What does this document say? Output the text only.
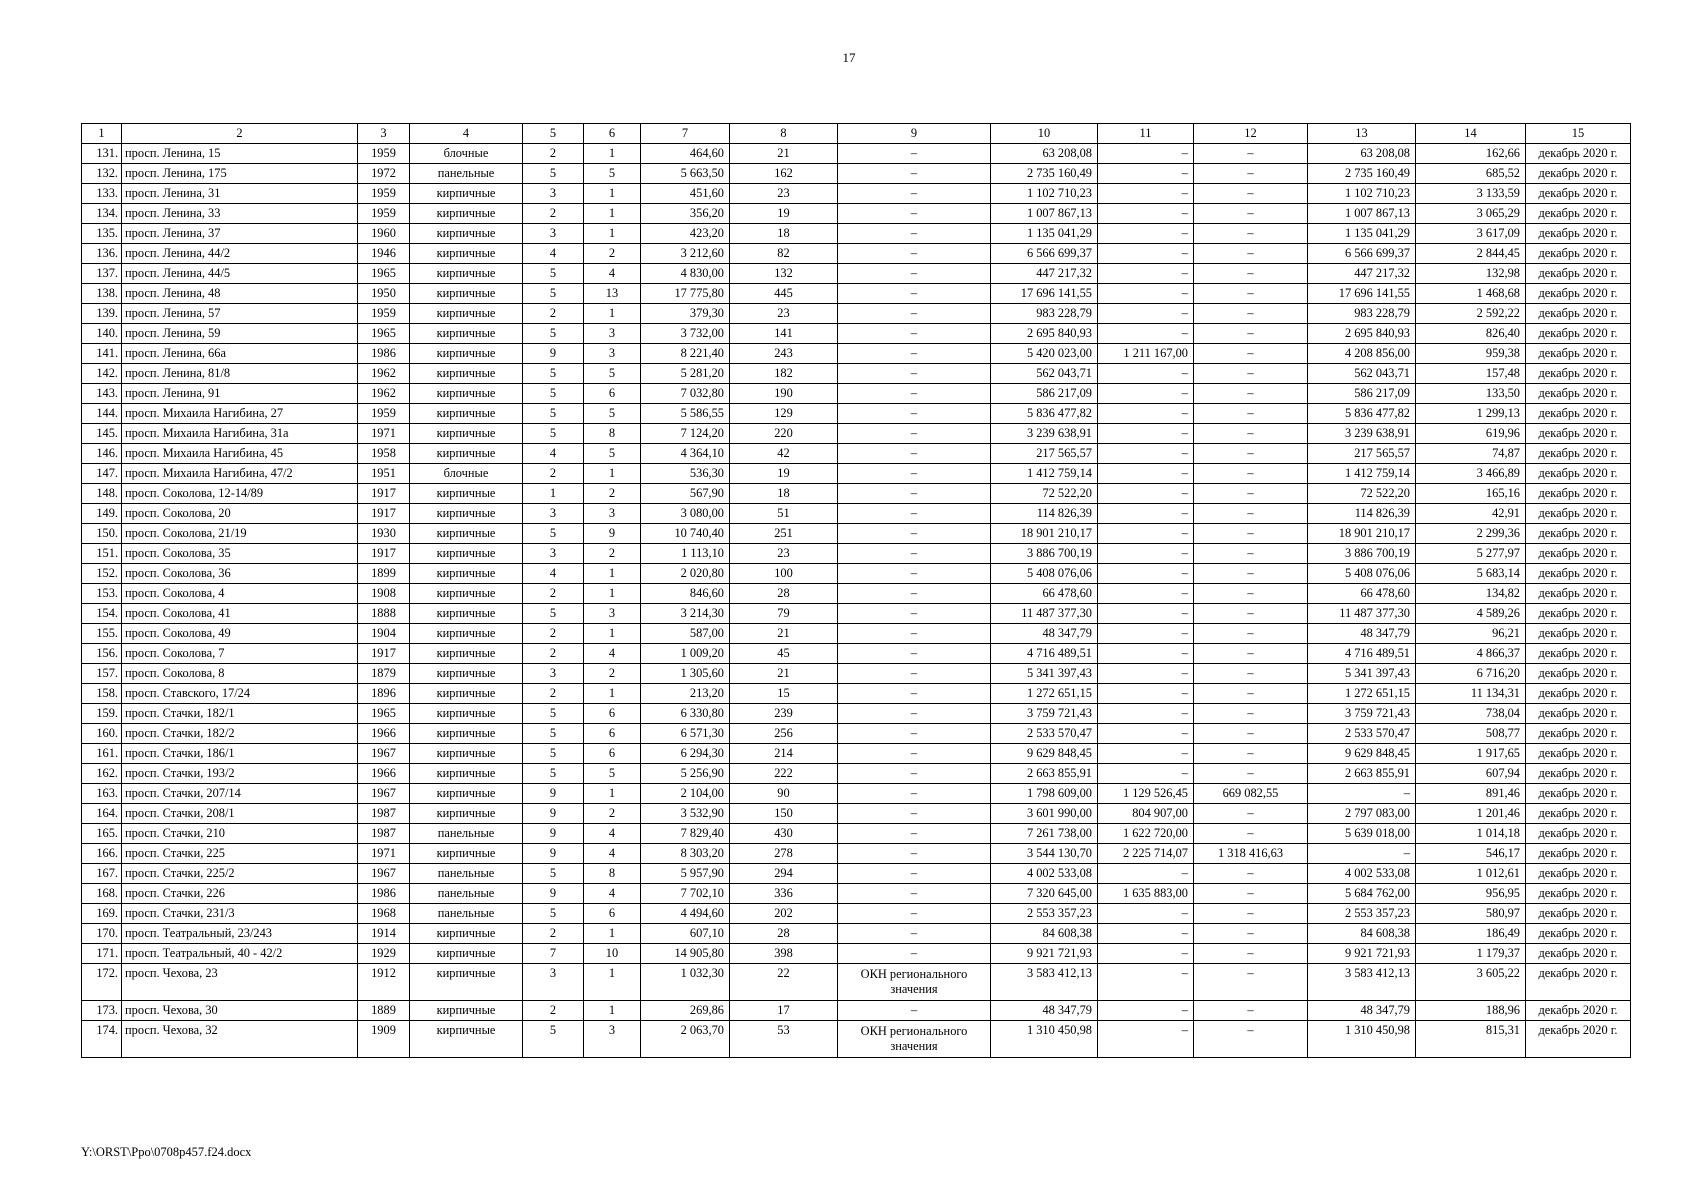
17
1	2	3	4	5	6	7	8	9	10	11	12	13	14	15
131.	просп. Ленина, 15	1959	блочные	2	1	464,60	21	–	63 208,08	–	–	63 208,08	162,66	декабрь 2020 г.
132.	просп. Ленина, 175	1972	панельные	5	5	5 663,50	162	–	2 735 160,49	–	–	2 735 160,49	685,52	декабрь 2020 г.
133.	просп. Ленина, 31	1959	кирпичные	3	1	451,60	23	–	1 102 710,23	–	–	1 102 710,23	3 133,59	декабрь 2020 г.
134.	просп. Ленина, 33	1959	кирпичные	2	1	356,20	19	–	1 007 867,13	–	–	1 007 867,13	3 065,29	декабрь 2020 г.
135.	просп. Ленина, 37	1960	кирпичные	3	1	423,20	18	–	1 135 041,29	–	–	1 135 041,29	3 617,09	декабрь 2020 г.
136.	просп. Ленина, 44/2	1946	кирпичные	4	2	3 212,60	82	–	6 566 699,37	–	–	6 566 699,37	2 844,45	декабрь 2020 г.
137.	просп. Ленина, 44/5	1965	кирпичные	5	4	4 830,00	132	–	447 217,32	–	–	447 217,32	132,98	декабрь 2020 г.
138.	просп. Ленина, 48	1950	кирпичные	5	13	17 775,80	445	–	17 696 141,55	–	–	17 696 141,55	1 468,68	декабрь 2020 г.
139.	просп. Ленина, 57	1959	кирпичные	2	1	379,30	23	–	983 228,79	–	–	983 228,79	2 592,22	декабрь 2020 г.
140.	просп. Ленина, 59	1965	кирпичные	5	3	3 732,00	141	–	2 695 840,93	–	–	2 695 840,93	826,40	декабрь 2020 г.
141.	просп. Ленина, 66а	1986	кирпичные	9	3	8 221,40	243	–	5 420 023,00	1 211 167,00	–	4 208 856,00	959,38	декабрь 2020 г.
142.	просп. Ленина, 81/8	1962	кирпичные	5	5	5 281,20	182	–	562 043,71	–	–	562 043,71	157,48	декабрь 2020 г.
143.	просп. Ленина, 91	1962	кирпичные	5	6	7 032,80	190	–	586 217,09	–	–	586 217,09	133,50	декабрь 2020 г.
144.	просп. Михаила Нагибина, 27	1959	кирпичные	5	5	5 586,55	129	–	5 836 477,82	–	–	5 836 477,82	1 299,13	декабрь 2020 г.
145.	просп. Михаила Нагибина, 31а	1971	кирпичные	5	8	7 124,20	220	–	3 239 638,91	–	–	3 239 638,91	619,96	декабрь 2020 г.
146.	просп. Михаила Нагибина, 45	1958	кирпичные	4	5	4 364,10	42	–	217 565,57	–	–	217 565,57	74,87	декабрь 2020 г.
147.	просп. Михаила Нагибина, 47/2	1951	блочные	2	1	536,30	19	–	1 412 759,14	–	–	1 412 759,14	3 466,89	декабрь 2020 г.
148.	просп. Соколова, 12-14/89	1917	кирпичные	1	2	567,90	18	–	72 522,20	–	–	72 522,20	165,16	декабрь 2020 г.
149.	просп. Соколова, 20	1917	кирпичные	3	3	3 080,00	51	–	114 826,39	–	–	114 826,39	42,91	декабрь 2020 г.
150.	просп. Соколова, 21/19	1930	кирпичные	5	9	10 740,40	251	–	18 901 210,17	–	–	18 901 210,17	2 299,36	декабрь 2020 г.
151.	просп. Соколова, 35	1917	кирпичные	3	2	1 113,10	23	–	3 886 700,19	–	–	3 886 700,19	5 277,97	декабрь 2020 г.
152.	просп. Соколова, 36	1899	кирпичные	4	1	2 020,80	100	–	5 408 076,06	–	–	5 408 076,06	5 683,14	декабрь 2020 г.
153.	просп. Соколова, 4	1908	кирпичные	2	1	846,60	28	–	66 478,60	–	–	66 478,60	134,82	декабрь 2020 г.
154.	просп. Соколова, 41	1888	кирпичные	5	3	3 214,30	79	–	11 487 377,30	–	–	11 487 377,30	4 589,26	декабрь 2020 г.
155.	просп. Соколова, 49	1904	кирпичные	2	1	587,00	21	–	48 347,79	–	–	48 347,79	96,21	декабрь 2020 г.
156.	просп. Соколова, 7	1917	кирпичные	2	4	1 009,20	45	–	4 716 489,51	–	–	4 716 489,51	4 866,37	декабрь 2020 г.
157.	просп. Соколова, 8	1879	кирпичные	3	2	1 305,60	21	–	5 341 397,43	–	–	5 341 397,43	6 716,20	декабрь 2020 г.
158.	просп. Ставского, 17/24	1896	кирпичные	2	1	213,20	15	–	1 272 651,15	–	–	1 272 651,15	11 134,31	декабрь 2020 г.
159.	просп. Стачки, 182/1	1965	кирпичные	5	6	6 330,80	239	–	3 759 721,43	–	–	3 759 721,43	738,04	декабрь 2020 г.
160.	просп. Стачки, 182/2	1966	кирпичные	5	6	6 571,30	256	–	2 533 570,47	–	–	2 533 570,47	508,77	декабрь 2020 г.
161.	просп. Стачки, 186/1	1967	кирпичные	5	6	6 294,30	214	–	9 629 848,45	–	–	9 629 848,45	1 917,65	декабрь 2020 г.
162.	просп. Стачки, 193/2	1966	кирпичные	5	5	5 256,90	222	–	2 663 855,91	–	–	2 663 855,91	607,94	декабрь 2020 г.
163.	просп. Стачки, 207/14	1967	кирпичные	9	1	2 104,00	90	–	1 798 609,00	1 129 526,45	669 082,55	–	891,46	декабрь 2020 г.
164.	просп. Стачки, 208/1	1987	кирпичные	9	2	3 532,90	150	–	3 601 990,00	804 907,00	–	2 797 083,00	1 201,46	декабрь 2020 г.
165.	просп. Стачки, 210	1987	панельные	9	4	7 829,40	430	–	7 261 738,00	1 622 720,00	–	5 639 018,00	1 014,18	декабрь 2020 г.
166.	просп. Стачки, 225	1971	кирпичные	9	4	8 303,20	278	–	3 544 130,70	2 225 714,07	1 318 416,63	–	546,17	декабрь 2020 г.
167.	просп. Стачки, 225/2	1967	панельные	5	8	5 957,90	294	–	4 002 533,08	–	–	4 002 533,08	1 012,61	декабрь 2020 г.
168.	просп. Стачки, 226	1986	панельные	9	4	7 702,10	336	–	7 320 645,00	1 635 883,00	–	5 684 762,00	956,95	декабрь 2020 г.
169.	просп. Стачки, 231/3	1968	панельные	5	6	4 494,60	202	–	2 553 357,23	–	–	2 553 357,23	580,97	декабрь 2020 г.
170.	просп. Театральный, 23/243	1914	кирпичные	2	1	607,10	28	–	84 608,38	–	–	84 608,38	186,49	декабрь 2020 г.
171.	просп. Театральный, 40 - 42/2	1929	кирпичные	7	10	14 905,80	398	–	9 921 721,93	–	–	9 921 721,93	1 179,37	декабрь 2020 г.
172.	просп. Чехова, 23	1912	кирпичные	3	1	1 032,30	22	ОКН регионального значения	3 583 412,13	–	–	3 583 412,13	3 605,22	декабрь 2020 г.
173.	просп. Чехова, 30	1889	кирпичные	2	1	269,86	17	–	48 347,79	–	–	48 347,79	188,96	декабрь 2020 г.
174.	просп. Чехова, 32	1909	кирпичные	5	3	2 063,70	53	ОКН регионального значения	1 310 450,98	–	–	1 310 450,98	815,31	декабрь 2020 г.
Y:\ORST\Ppo\0708p457.f24.docx
